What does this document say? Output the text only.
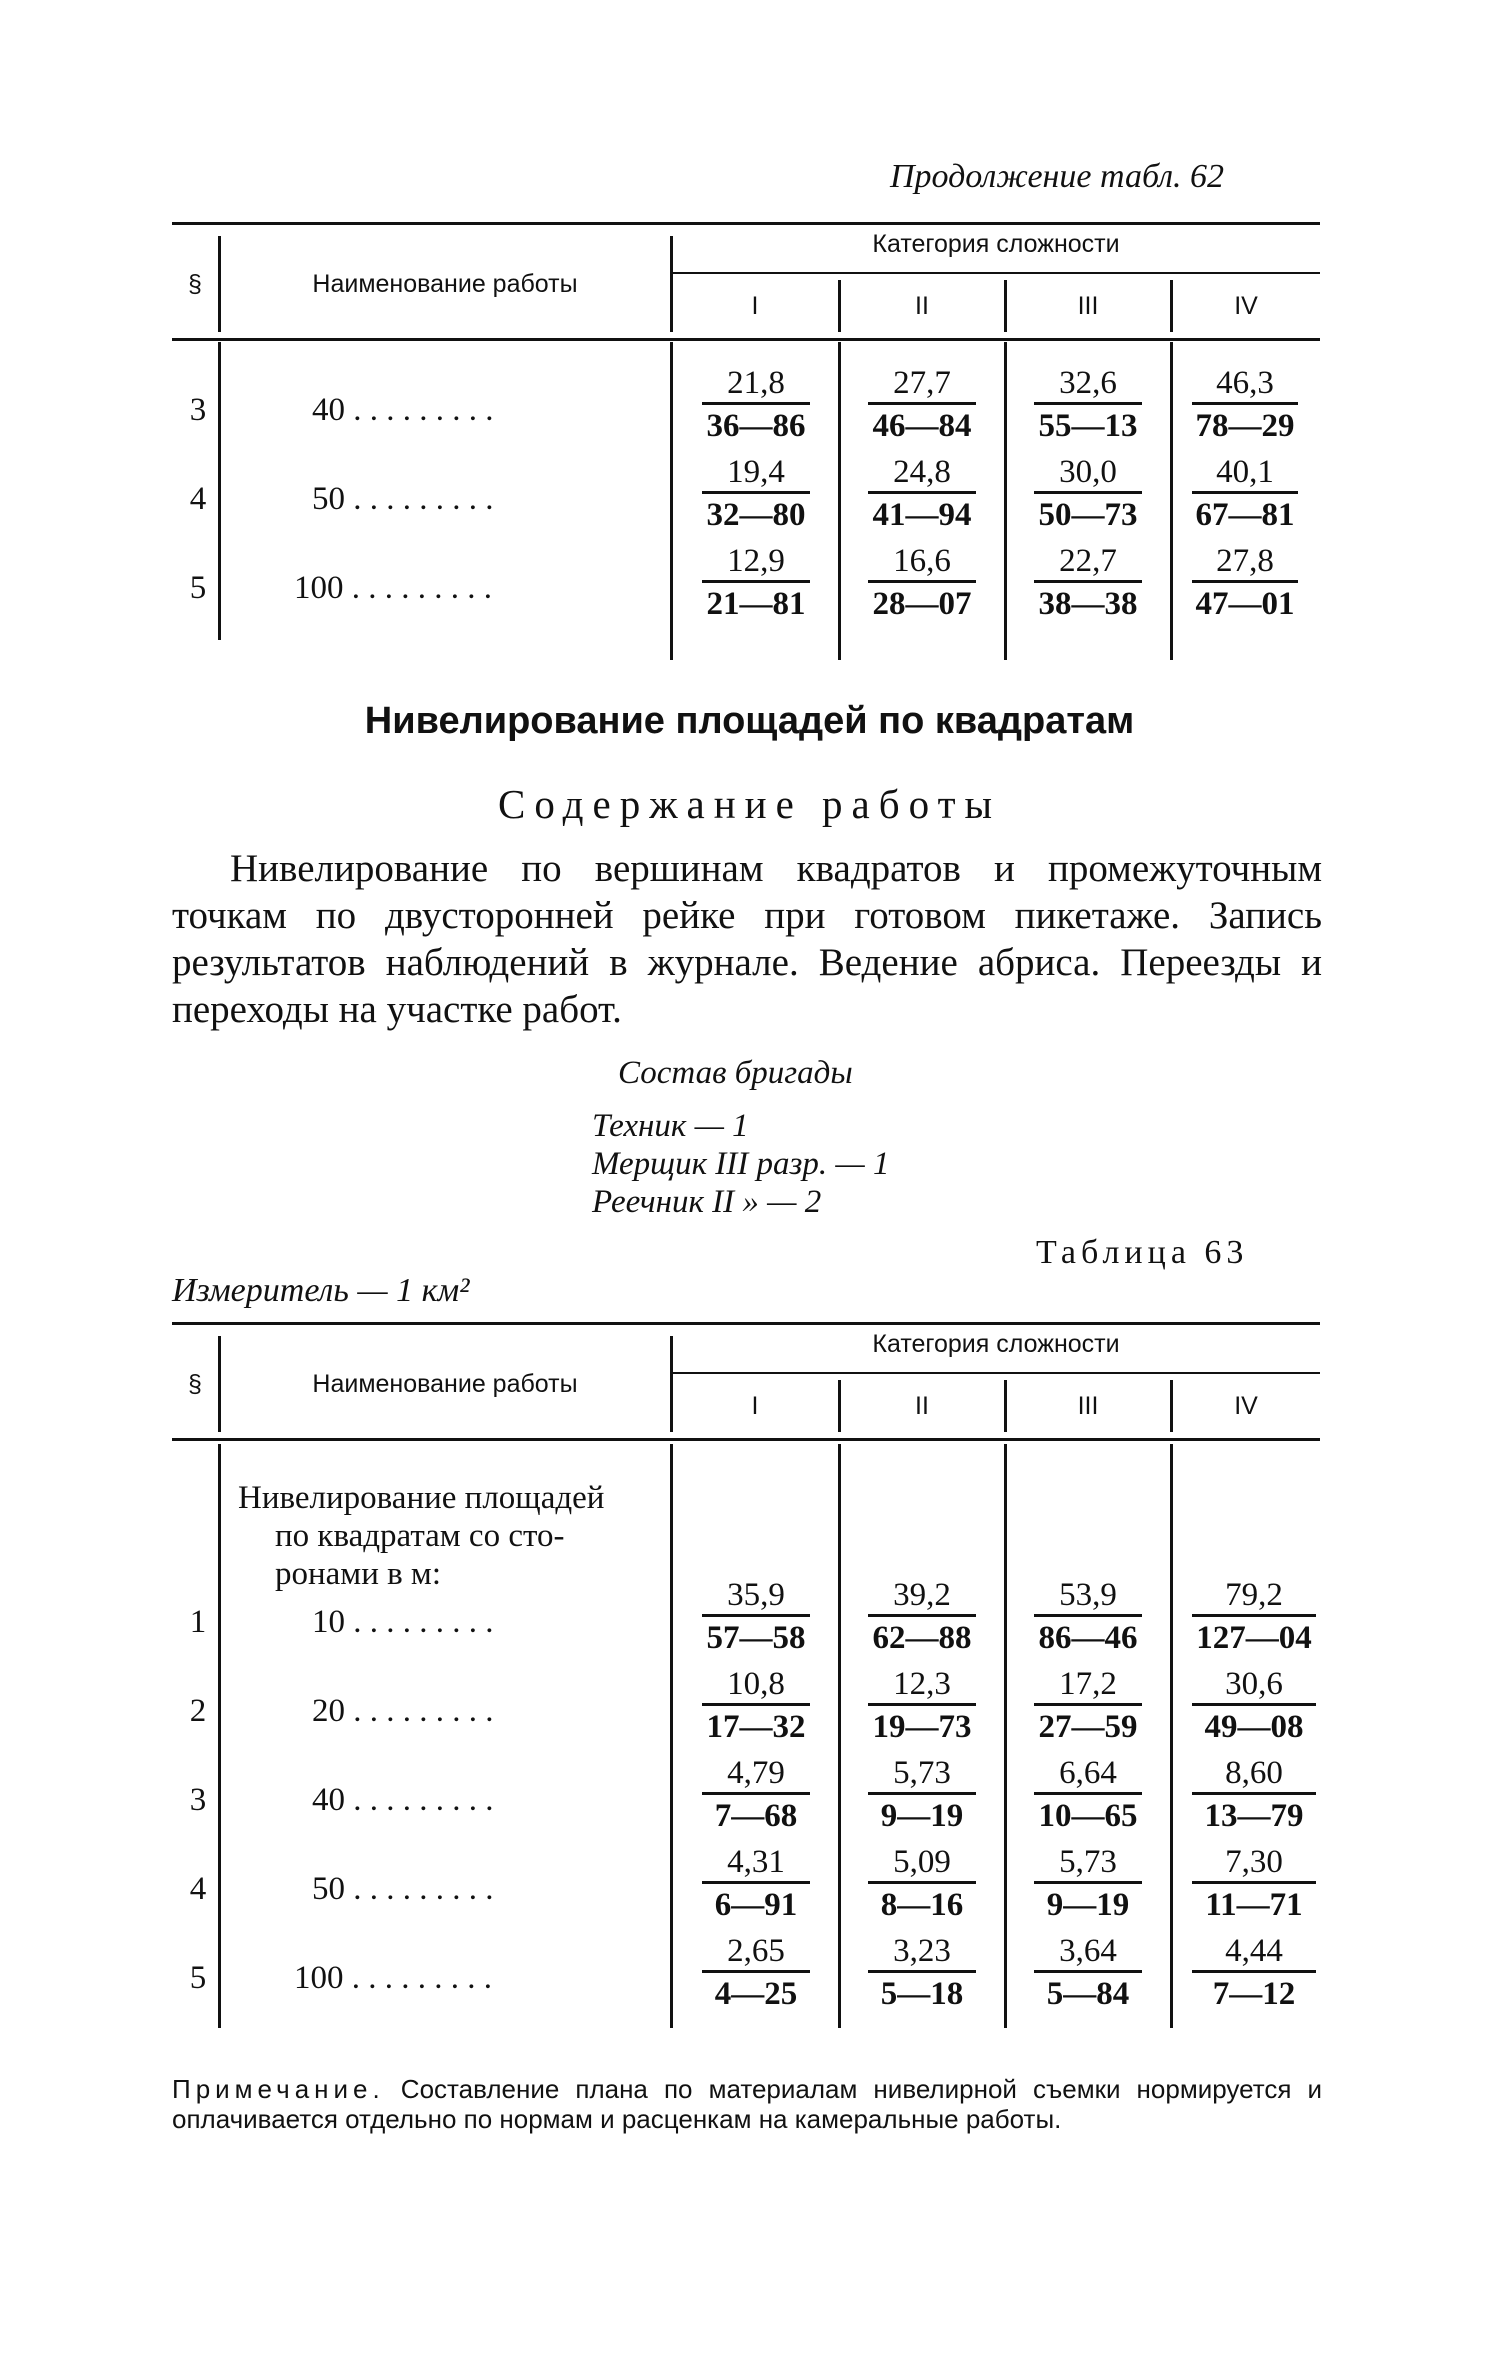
Продолжение табл. 62
§	Наименование работы
Категория сложности
I	II	III	IV
3	40 . . . . . . . . .	$\frac{21,8}{36—86} \frac{27,7}{46—84} \frac{32,6}{55—13} \frac{46,3}{78—29}$
4	50 . . . . . . . . .	$\frac{19,4}{32—80} \frac{24,8}{41—94} \frac{30,0}{50—73} \frac{40,1}{67—81}$
5	100 . . . . . . . . .	$\frac{12,9}{21—81} \frac{16,6}{28—07} \frac{22,7}{38—38} \frac{27,8}{47—01}$
Нивелирование площадей по квадратам
Содержание работы
Нивелирование по вершинам квадратов и промежуточным точкам по двусторонней рейке при готовом пикетаже. Запись результатов наблюдений в журнале. Ведение абриса. Переезды и переходы на участке работ.
Состав бригады
Техник — 1
Мерщик III разр. — 1
Реечник II » — 2
Таблица 63
Измеритель — 1 км²
§	Наименование работы
Категория сложности
I	II	III	IV
Нивелирование площадей
по квадратам со сто-
ронами в м:
1	10 . . . . . . . . .	$\frac{35,9}{57—58} \frac{39,2}{62—88} \frac{53,9}{86—46} \frac{79,2}{127—04}$
2	20 . . . . . . . . .	$\frac{10,8}{17—32} \frac{12,3}{19—73} \frac{17,2}{27—59} \frac{30,6}{49—08}$
3	40 . . . . . . . . .	$\frac{4,79}{7—68} \frac{5,73}{9—19} \frac{6,64}{10—65} \frac{8,60}{13—79}$
4	50 . . . . . . . . .	$\frac{4,31}{6—91} \frac{5,09}{8—16} \frac{5,73}{9—19} \frac{7,30}{11—71}$
5	100 . . . . . . . . .	$\frac{2,65}{4—25} \frac{3,23}{5—18} \frac{3,64}{5—84} \frac{4,44}{7—12}$
Примечание. Составление плана по материалам нивелирной съемки нормируется и оплачивается отдельно по нормам и расценкам на камеральные работы.
